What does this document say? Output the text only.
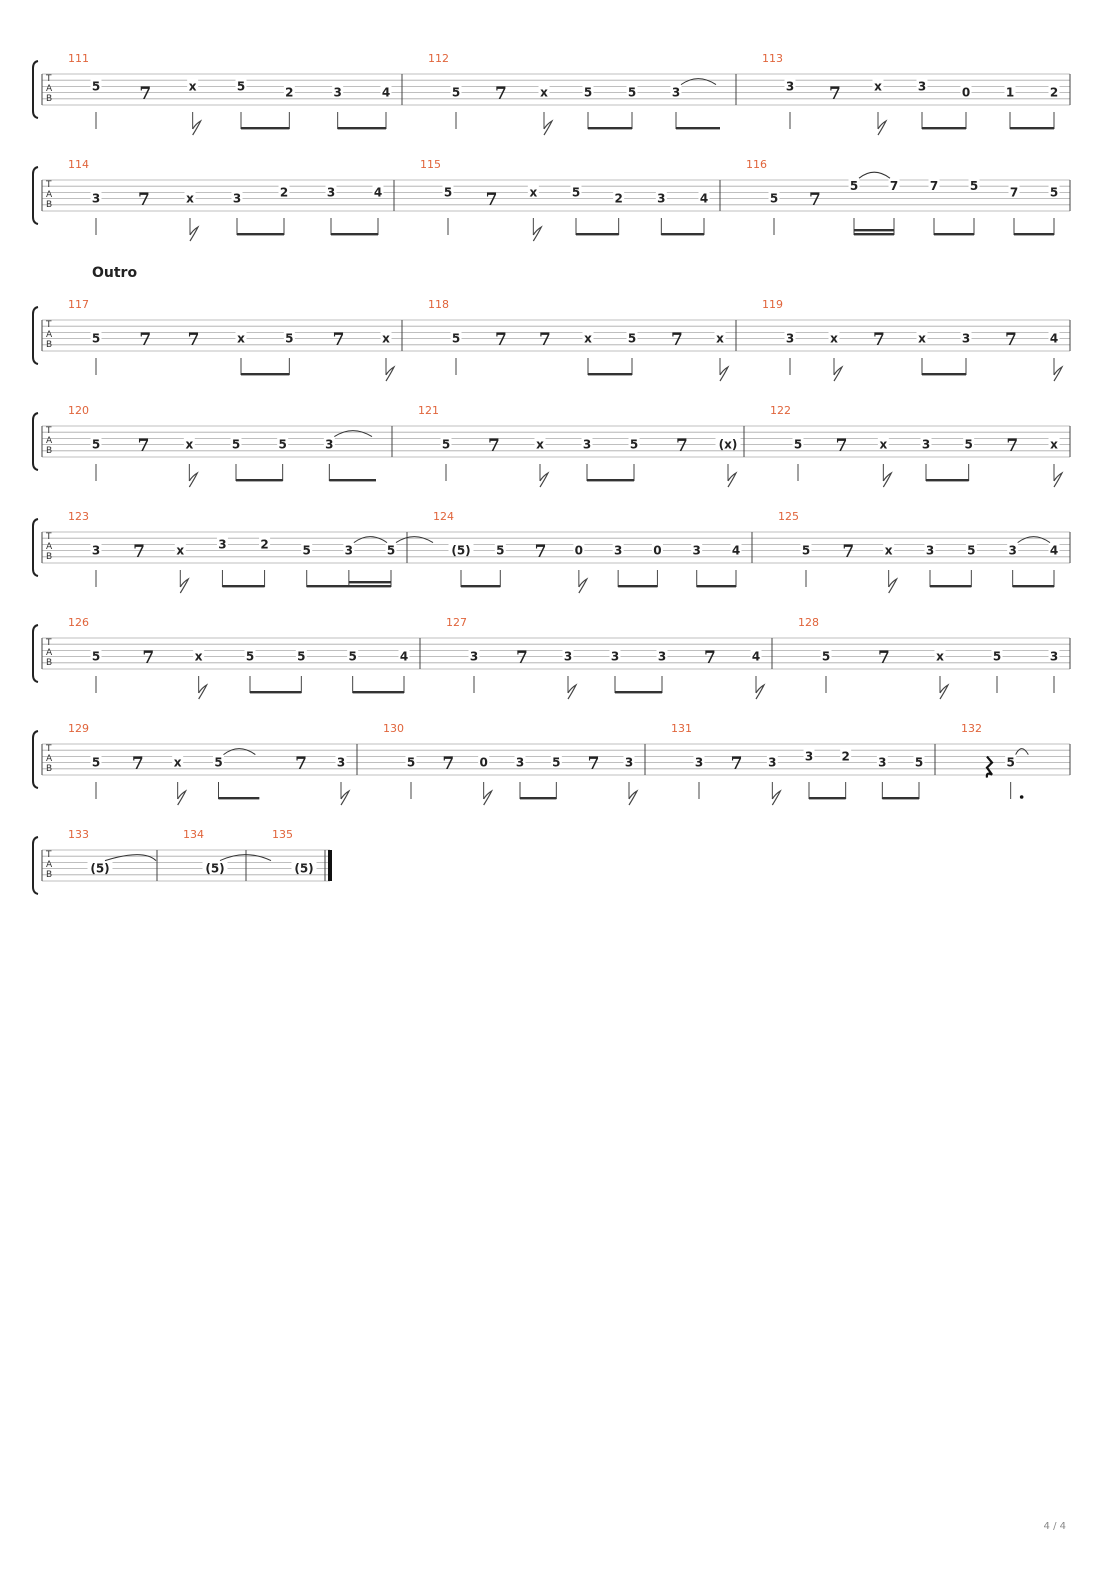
T
A
B
111
5 7	x	5	2	3	4
112
5 7	x	5	5	3
113
3 7	x	3	0	1	2
T
A
B
114
3 7	x	3	2	3	4
115
5 7	x	5	2	3	4
116
5 7
5	7	7	5	7	5
T
A
B
117
5 7 7	x	5 7	x
118
5 7 7	x	5 7	x
119
3	x 7	x	3 7	4
T
A
B
120
5 7	x	5	5	3
121
5 7	x	3	5 7	(x)
122
5 7	x	3	5 7	x
T
A
B
123
3 7	x	3	2	5	3	5
124
(5) 5 7 0	3	0	3	4
125
5 7	x	3	5	3	4
T
A
B
126
5 7	x	5	5	5	4
127
3 7	3	3	3 7	4
128
5	7	x	5	3
T
A
B
129
5 7	x	5	7 3
130
5 7 0 3 5 7 3
131
3 7 3 3 2 3 5
132
5
T
A
B
133
(5)
134
(5)
135
(5)
Outro
4 / 4
